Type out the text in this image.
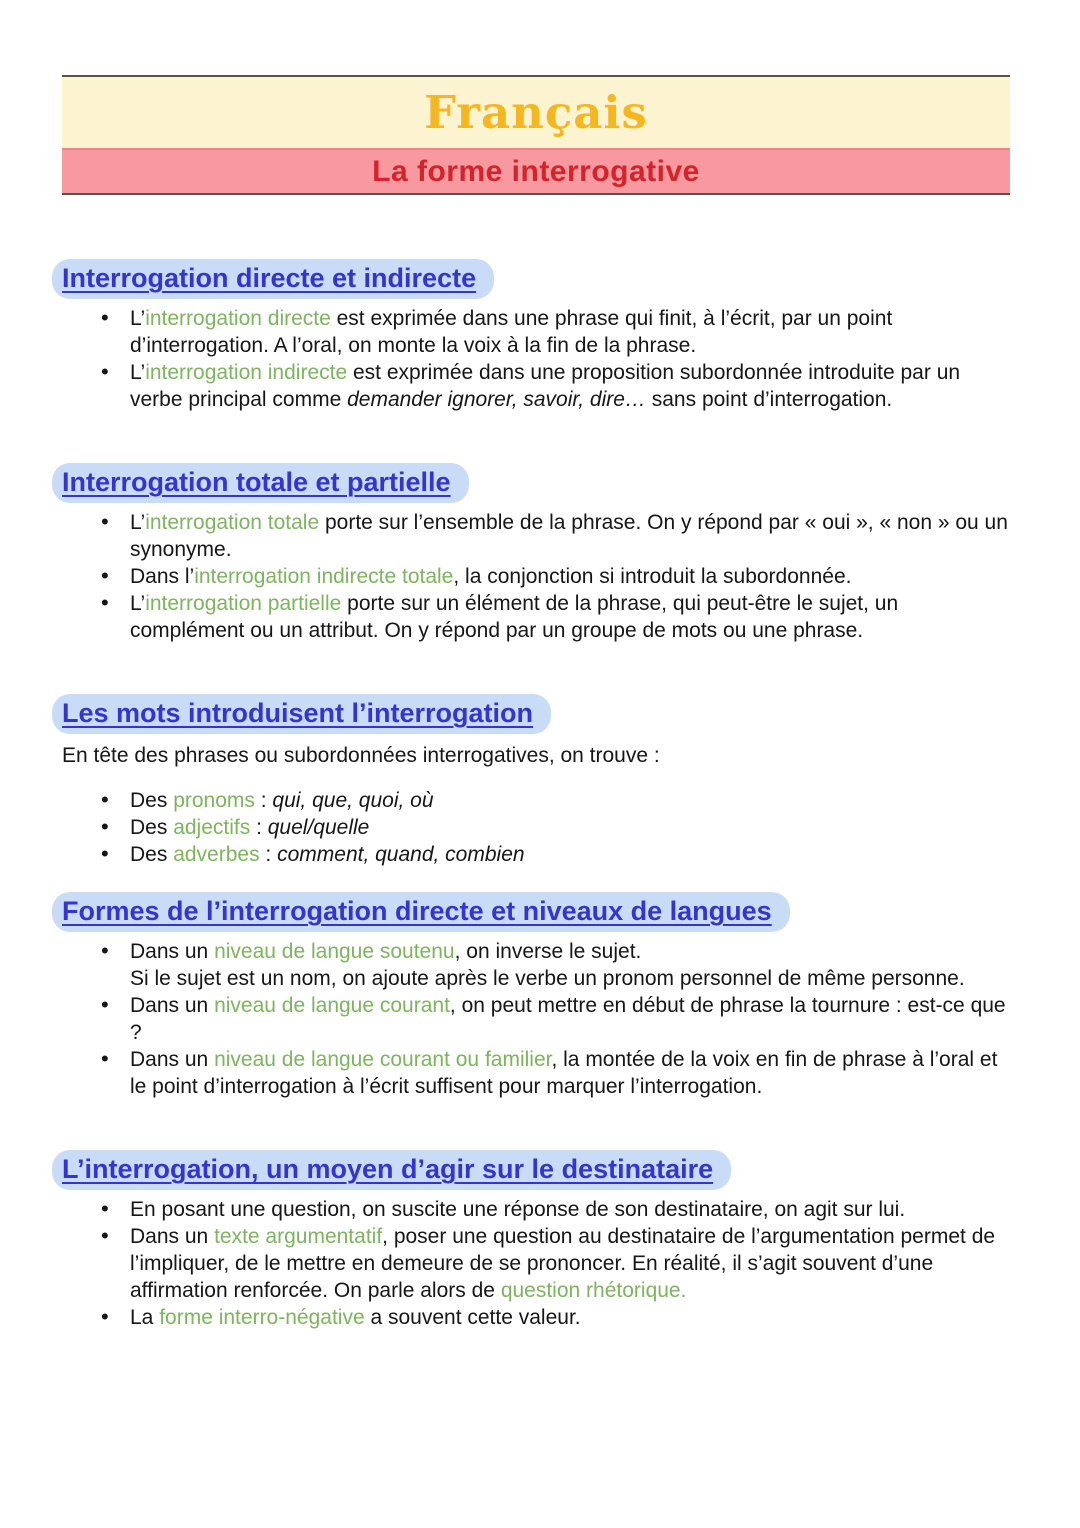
Français
La forme interrogative
Interrogation directe et indirecte
• L’interrogation directe est exprimée dans une phrase qui finit, à l’écrit, par un point d’interrogation. A l’oral, on monte la voix à la fin de la phrase.
• L’interrogation indirecte est exprimée dans une proposition subordonnée introduite par un verbe principal comme demander ignorer, savoir, dire… sans point d’interrogation.
Interrogation totale et partielle
• L’interrogation totale porte sur l’ensemble de la phrase. On y répond par « oui », « non » ou un synonyme.
• Dans l’interrogation indirecte totale, la conjonction si introduit la subordonnée.
• L’interrogation partielle porte sur un élément de la phrase, qui peut-être le sujet, un complément ou un attribut. On y répond par un groupe de mots ou une phrase.
Les mots introduisent l’interrogation

En tête des phrases ou subordonnées interrogatives, on trouve :

• Des pronoms : qui, que, quoi, où
• Des adjectifs : quel/quelle
• Des adverbes : comment, quand, combien
Formes de l’interrogation directe et niveaux de langues
• Dans un niveau de langue soutenu, on inverse le sujet.
Si le sujet est un nom, on ajoute après le verbe un pronom personnel de même personne.
• Dans un niveau de langue courant, on peut mettre en début de phrase la tournure : est-ce que ?
• Dans un niveau de langue courant ou familier, la montée de la voix en fin de phrase à l’oral et le point d’interrogation à l’écrit suffisent pour marquer l’interrogation.
L’interrogation, un moyen d’agir sur le destinataire
• En posant une question, on suscite une réponse de son destinataire, on agit sur lui.
• Dans un texte argumentatif, poser une question au destinataire de l’argumentation permet de l’impliquer, de le mettre en demeure de se prononcer. En réalité, il s’agit souvent d’une affirmation renforcée. On parle alors de question rhétorique.
• La forme interro-négative a souvent cette valeur.
